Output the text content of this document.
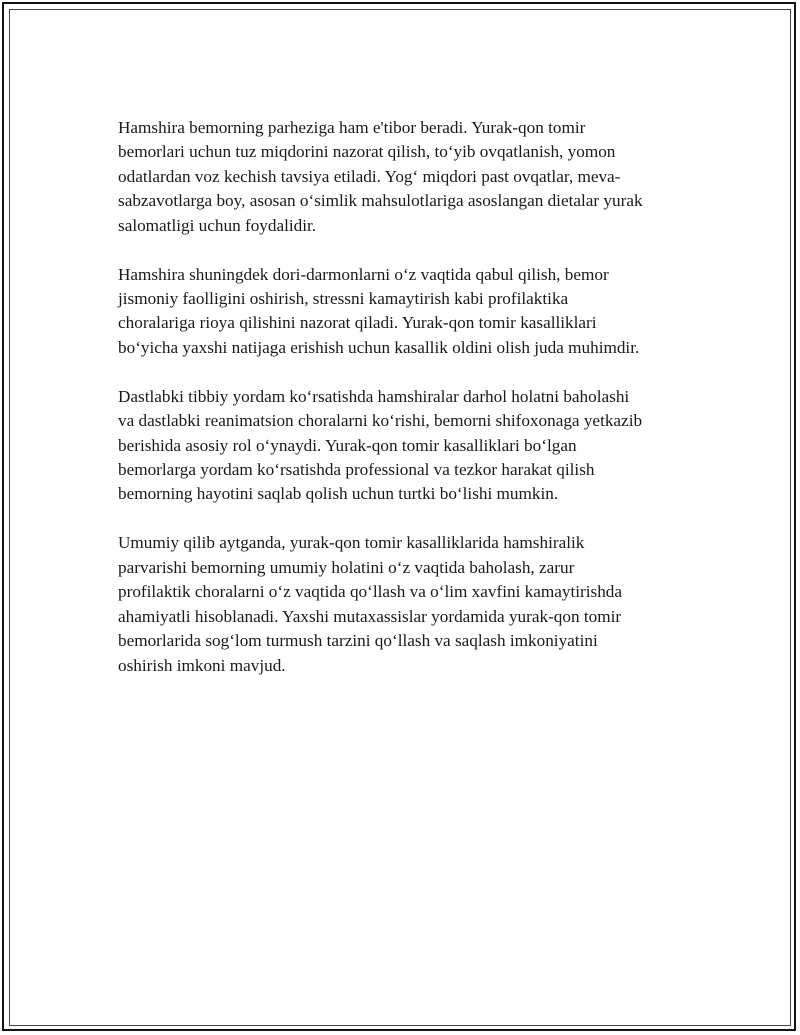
Hamshira bemorning parheziga ham e'tibor beradi. Yurak-qon tomir
bemorlari uchun tuz miqdorini nazorat qilish, to‘yib ovqatlanish, yomon
odatlardan voz kechish tavsiya etiladi. Yog‘ miqdori past ovqatlar, meva-
sabzavotlarga boy, asosan o‘simlik mahsulotlariga asoslangan dietalar yurak
salomatligi uchun foydalidir.

Hamshira shuningdek dori-darmonlarni o‘z vaqtida qabul qilish, bemor
jismoniy faolligini oshirish, stressni kamaytirish kabi profilaktika
choralariga rioya qilishini nazorat qiladi. Yurak-qon tomir kasalliklari
bo‘yicha yaxshi natijaga erishish uchun kasallik oldini olish juda muhimdir.

Dastlabki tibbiy yordam ko‘rsatishda hamshiralar darhol holatni baholashi
va dastlabki reanimatsion choralarni ko‘rishi, bemorni shifoxonaga yetkazib
berishida asosiy rol o‘ynaydi. Yurak-qon tomir kasalliklari bo‘lgan
bemorlarga yordam ko‘rsatishda professional va tezkor harakat qilish
bemorning hayotini saqlab qolish uchun turtki bo‘lishi mumkin.

Umumiy qilib aytganda, yurak-qon tomir kasalliklarida hamshiralik
parvarishi bemorning umumiy holatini o‘z vaqtida baholash, zarur
profilaktik choralarni o‘z vaqtida qo‘llash va o‘lim xavfini kamaytirishda
ahamiyatli hisoblanadi. Yaxshi mutaxassislar yordamida yurak-qon tomir
bemorlarida sog‘lom turmush tarzini qo‘llash va saqlash imkoniyatini
oshirish imkoni mavjud.
